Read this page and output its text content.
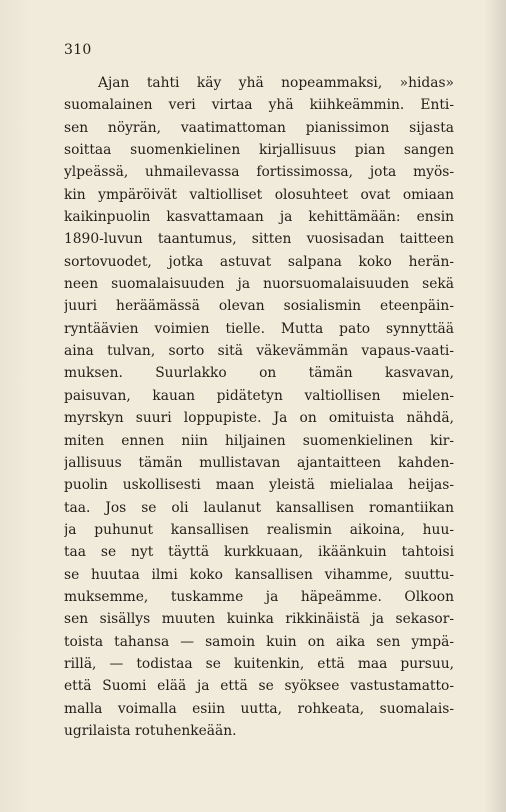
310

Ajan tahti käy yhä nopeammaksi, »hidas»
suomalainen veri virtaa yhä kiihkeämmin. Enti-
sen nöyrän, vaatimattoman pianissimon sijasta
soittaa suomenkielinen kirjallisuus pian sangen
ylpeässä, uhmailevassa fortissimossa, jota myös-
kin ympäröivät valtiolliset olosuhteet ovat omiaan
kaikinpuolin kasvattamaan ja kehittämään: ensin
1890-luvun taantumus, sitten vuosisadan taitteen
sortovuodet, jotka astuvat salpana koko herän-
neen suomalaisuuden ja nuorsuomalaisuuden sekä
juuri heräämässä olevan sosialismin eteenpäin-
ryntäävien voimien tielle. Mutta pato synnyttää
aina tulvan, sorto sitä väkevämmän vapaus-vaati-
muksen. Suurlakko on tämän kasvavan,
paisuvan, kauan pidätetyn valtiollisen mielen-
myrskyn suuri loppupiste. Ja on omituista nähdä,
miten ennen niin hiljainen suomenkielinen kir-
jallisuus tämän mullistavan ajantaitteen kahden-
puolin uskollisesti maan yleistä mielialaa heijas-
taa. Jos se oli laulanut kansallisen romantiikan
ja puhunut kansallisen realismin aikoina, huu-
taa se nyt täyttä kurkkuaan, ikäänkuin tahtoisi
se huutaa ilmi koko kansallisen vihamme, suuttu-
muksemme, tuskamme ja häpeämme. Olkoon
sen sisällys muuten kuinka rikkinäistä ja sekasor-
toista tahansa — samoin kuin on aika sen ympä-
rillä, — todistaa se kuitenkin, että maa pursuu,
että Suomi elää ja että se syöksee vastustamatto-
malla voimalla esiin uutta, rohkeata, suomalais-
ugrilaista rotuhenkeään.
